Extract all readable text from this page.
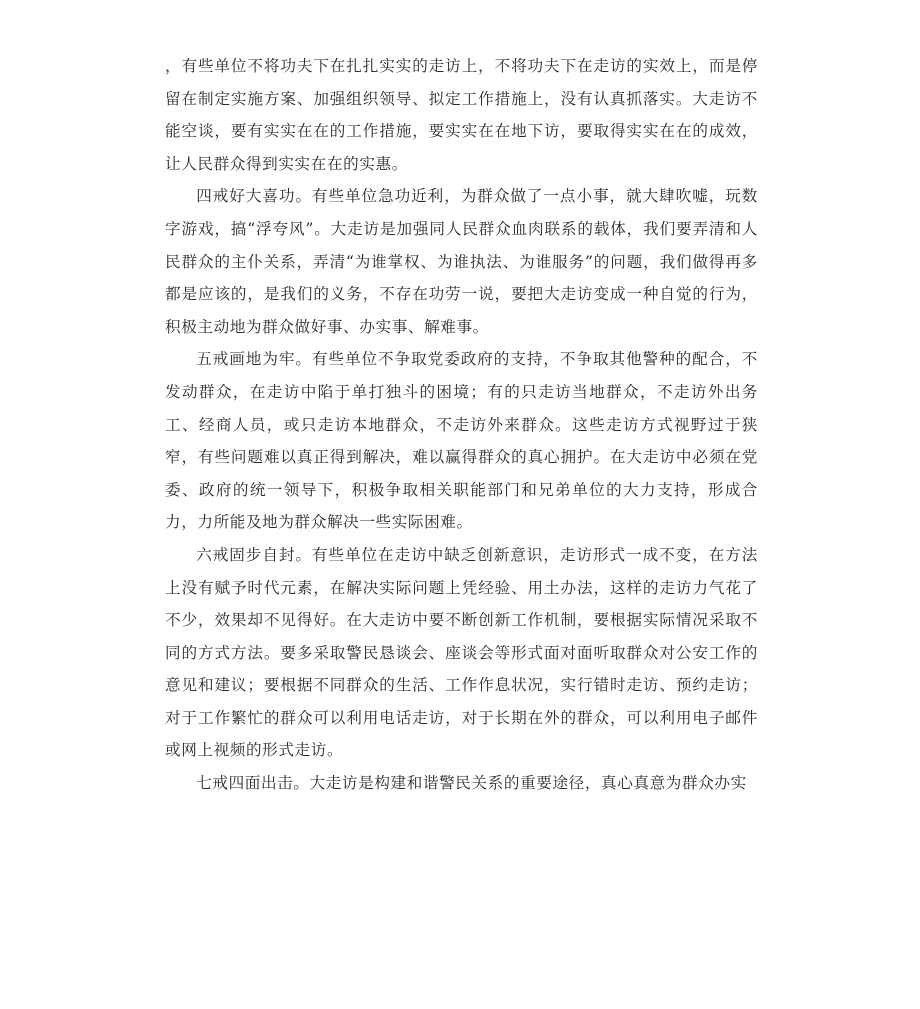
，有些单位不将功夫下在扎扎实实的走访上，不将功夫下在走访的实效上，而是停留在制定实施方案、加强组织领导、拟定工作措施上，没有认真抓落实。大走访不能空谈，要有实实在在的工作措施，要实实在在地下访，要取得实实在在的成效，让人民群众得到实实在在的实惠。

四戒好大喜功。有些单位急功近利，为群众做了一点小事，就大肆吹嘘，玩数字游戏，搞“浮夸风”。大走访是加强同人民群众血肉联系的载体，我们要弄清和人民群众的主仆关系，弄清“为谁掌权、为谁执法、为谁服务”的问题，我们做得再多都是应该的，是我们的义务，不存在功劳一说，要把大走访变成一种自觉的行为，积极主动地为群众做好事、办实事、解难事。

五戒画地为牢。有些单位不争取党委政府的支持，不争取其他警种的配合，不发动群众，在走访中陷于单打独斗的困境；有的只走访当地群众，不走访外出务工、经商人员，或只走访本地群众，不走访外来群众。这些走访方式视野过于狭窄，有些问题难以真正得到解决，难以赢得群众的真心拥护。在大走访中必须在党委、政府的统一领导下，积极争取相关职能部门和兄弟单位的大力支持，形成合力，力所能及地为群众解决一些实际困难。

六戒固步自封。有些单位在走访中缺乏创新意识，走访形式一成不变，在方法上没有赋予时代元素，在解决实际问题上凭经验、用土办法，这样的走访力气花了不少，效果却不见得好。在大走访中要不断创新工作机制，要根据实际情况采取不同的方式方法。要多采取警民恳谈会、座谈会等形式面对面听取群众对公安工作的意见和建议；要根据不同群众的生活、工作作息状况，实行错时走访、预约走访；对于工作繁忙的群众可以利用电话走访，对于长期在外的群众，可以利用电子邮件或网上视频的形式走访。

七戒四面出击。大走访是构建和谐警民关系的重要途径，真心真意为群众办实
